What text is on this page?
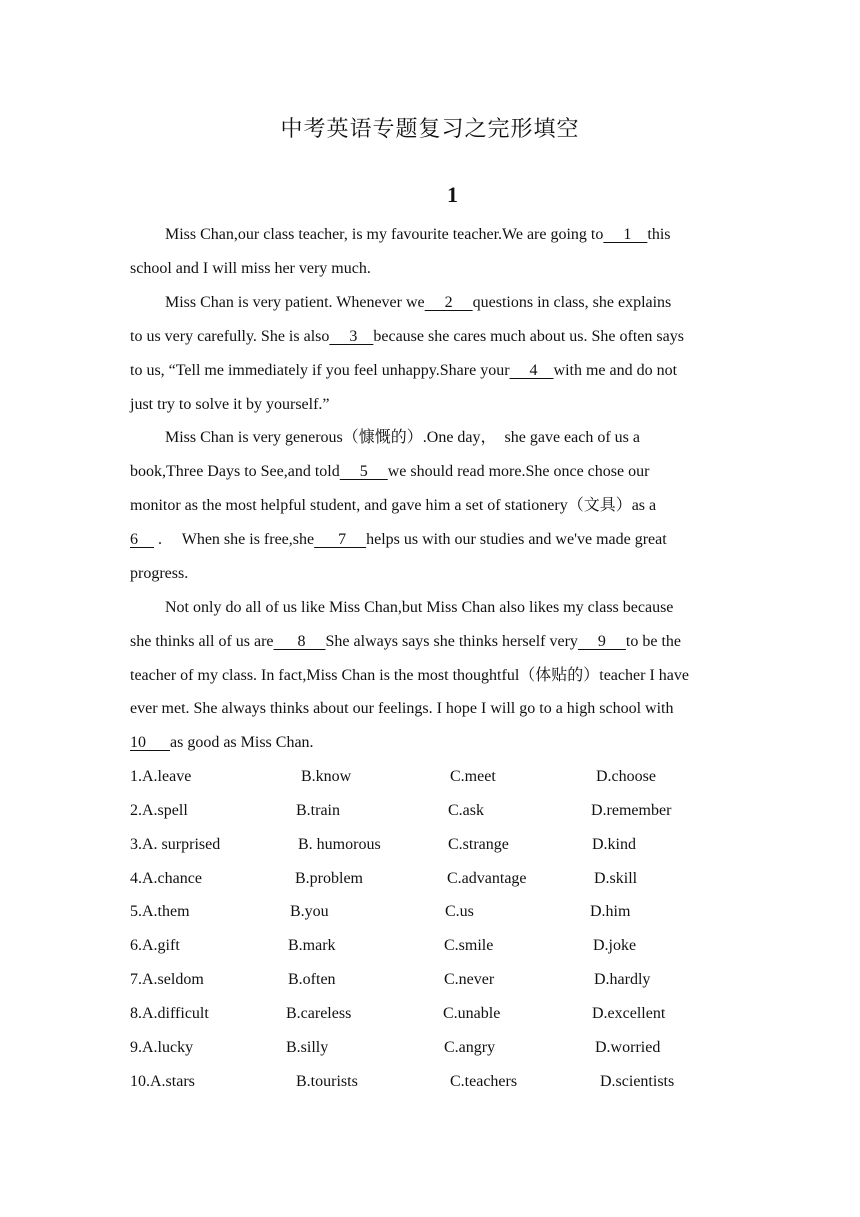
中考英语专题复习之完形填空
1
Miss Chan,our class teacher, is my favourite teacher.We are going to     1    this
school and I will miss her very much.
Miss Chan is very patient. Whenever we     2     questions in class, she explains
to us very carefully. She is also     3    because she cares much about us. She often says
to us, “Tell me immediately if you feel unhappy.Share your     4    with me and do not
just try to solve it by yourself.”
Miss Chan is very generous（慷慨的）.One day，  she gave each of us a
book,Three Days to See,and told     5     we should read more.She once chose our
monitor as the most helpful student, and gave him a set of stationery（文具）as a
6     .     When she is free,she      7     helps us with our studies and we've made great
progress.
Not only do all of us like Miss Chan,but Miss Chan also likes my class because
she thinks all of us are      8     She always says she thinks herself very     9     to be the
teacher of my class. In fact,Miss Chan is the most thoughtful（体贴的）teacher I have
ever met. She always thinks about our feelings. I hope I will go to a high school with
10      as good as Miss Chan.
1.A.leave	B.know	C.meet	D.choose
2.A.spell	B.train	C.ask	D.remember
3.A. surprised	B. humorous	C.strange	D.kind
4.A.chance	B.problem	C.advantage	D.skill
5.A.them	B.you	C.us	D.him
6.A.gift	B.mark	C.smile	D.joke
7.A.seldom	B.often	C.never	D.hardly
8.A.difficult	B.careless	C.unable	D.excellent
9.A.lucky	B.silly	C.angry	D.worried
10.A.stars	B.tourists	C.teachers	D.scientists
